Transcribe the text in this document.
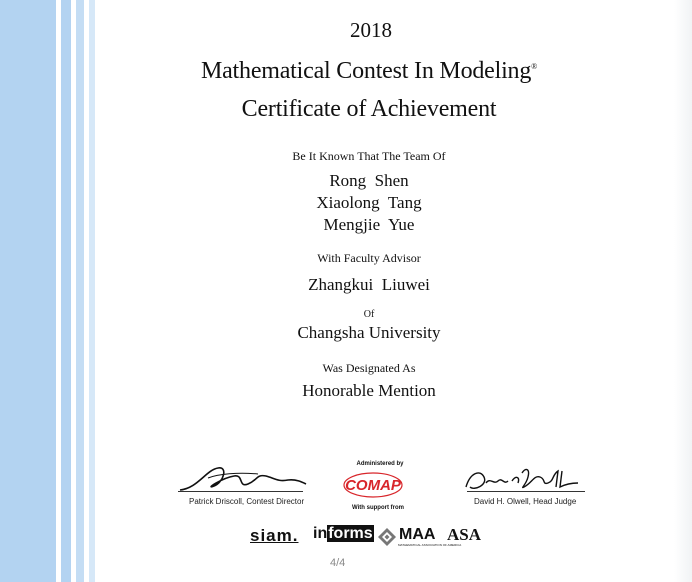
2018
Mathematical Contest In Modeling®
Certificate of Achievement
Be It Known That The Team Of
Rong  Shen
Xiaolong  Tang
Mengjie  Yue
With Faculty Advisor
Zhangkui  Liuwei
Of
Changsha University
Was Designated As
Honorable Mention
Patrick Driscoll, Contest Director
Administered by
COMAP
With support from
David H. Olwell, Head Judge
siam. informs MAA
MATHEMATICAL ASSOCIATION OF AMERICA
ASA
4/4
